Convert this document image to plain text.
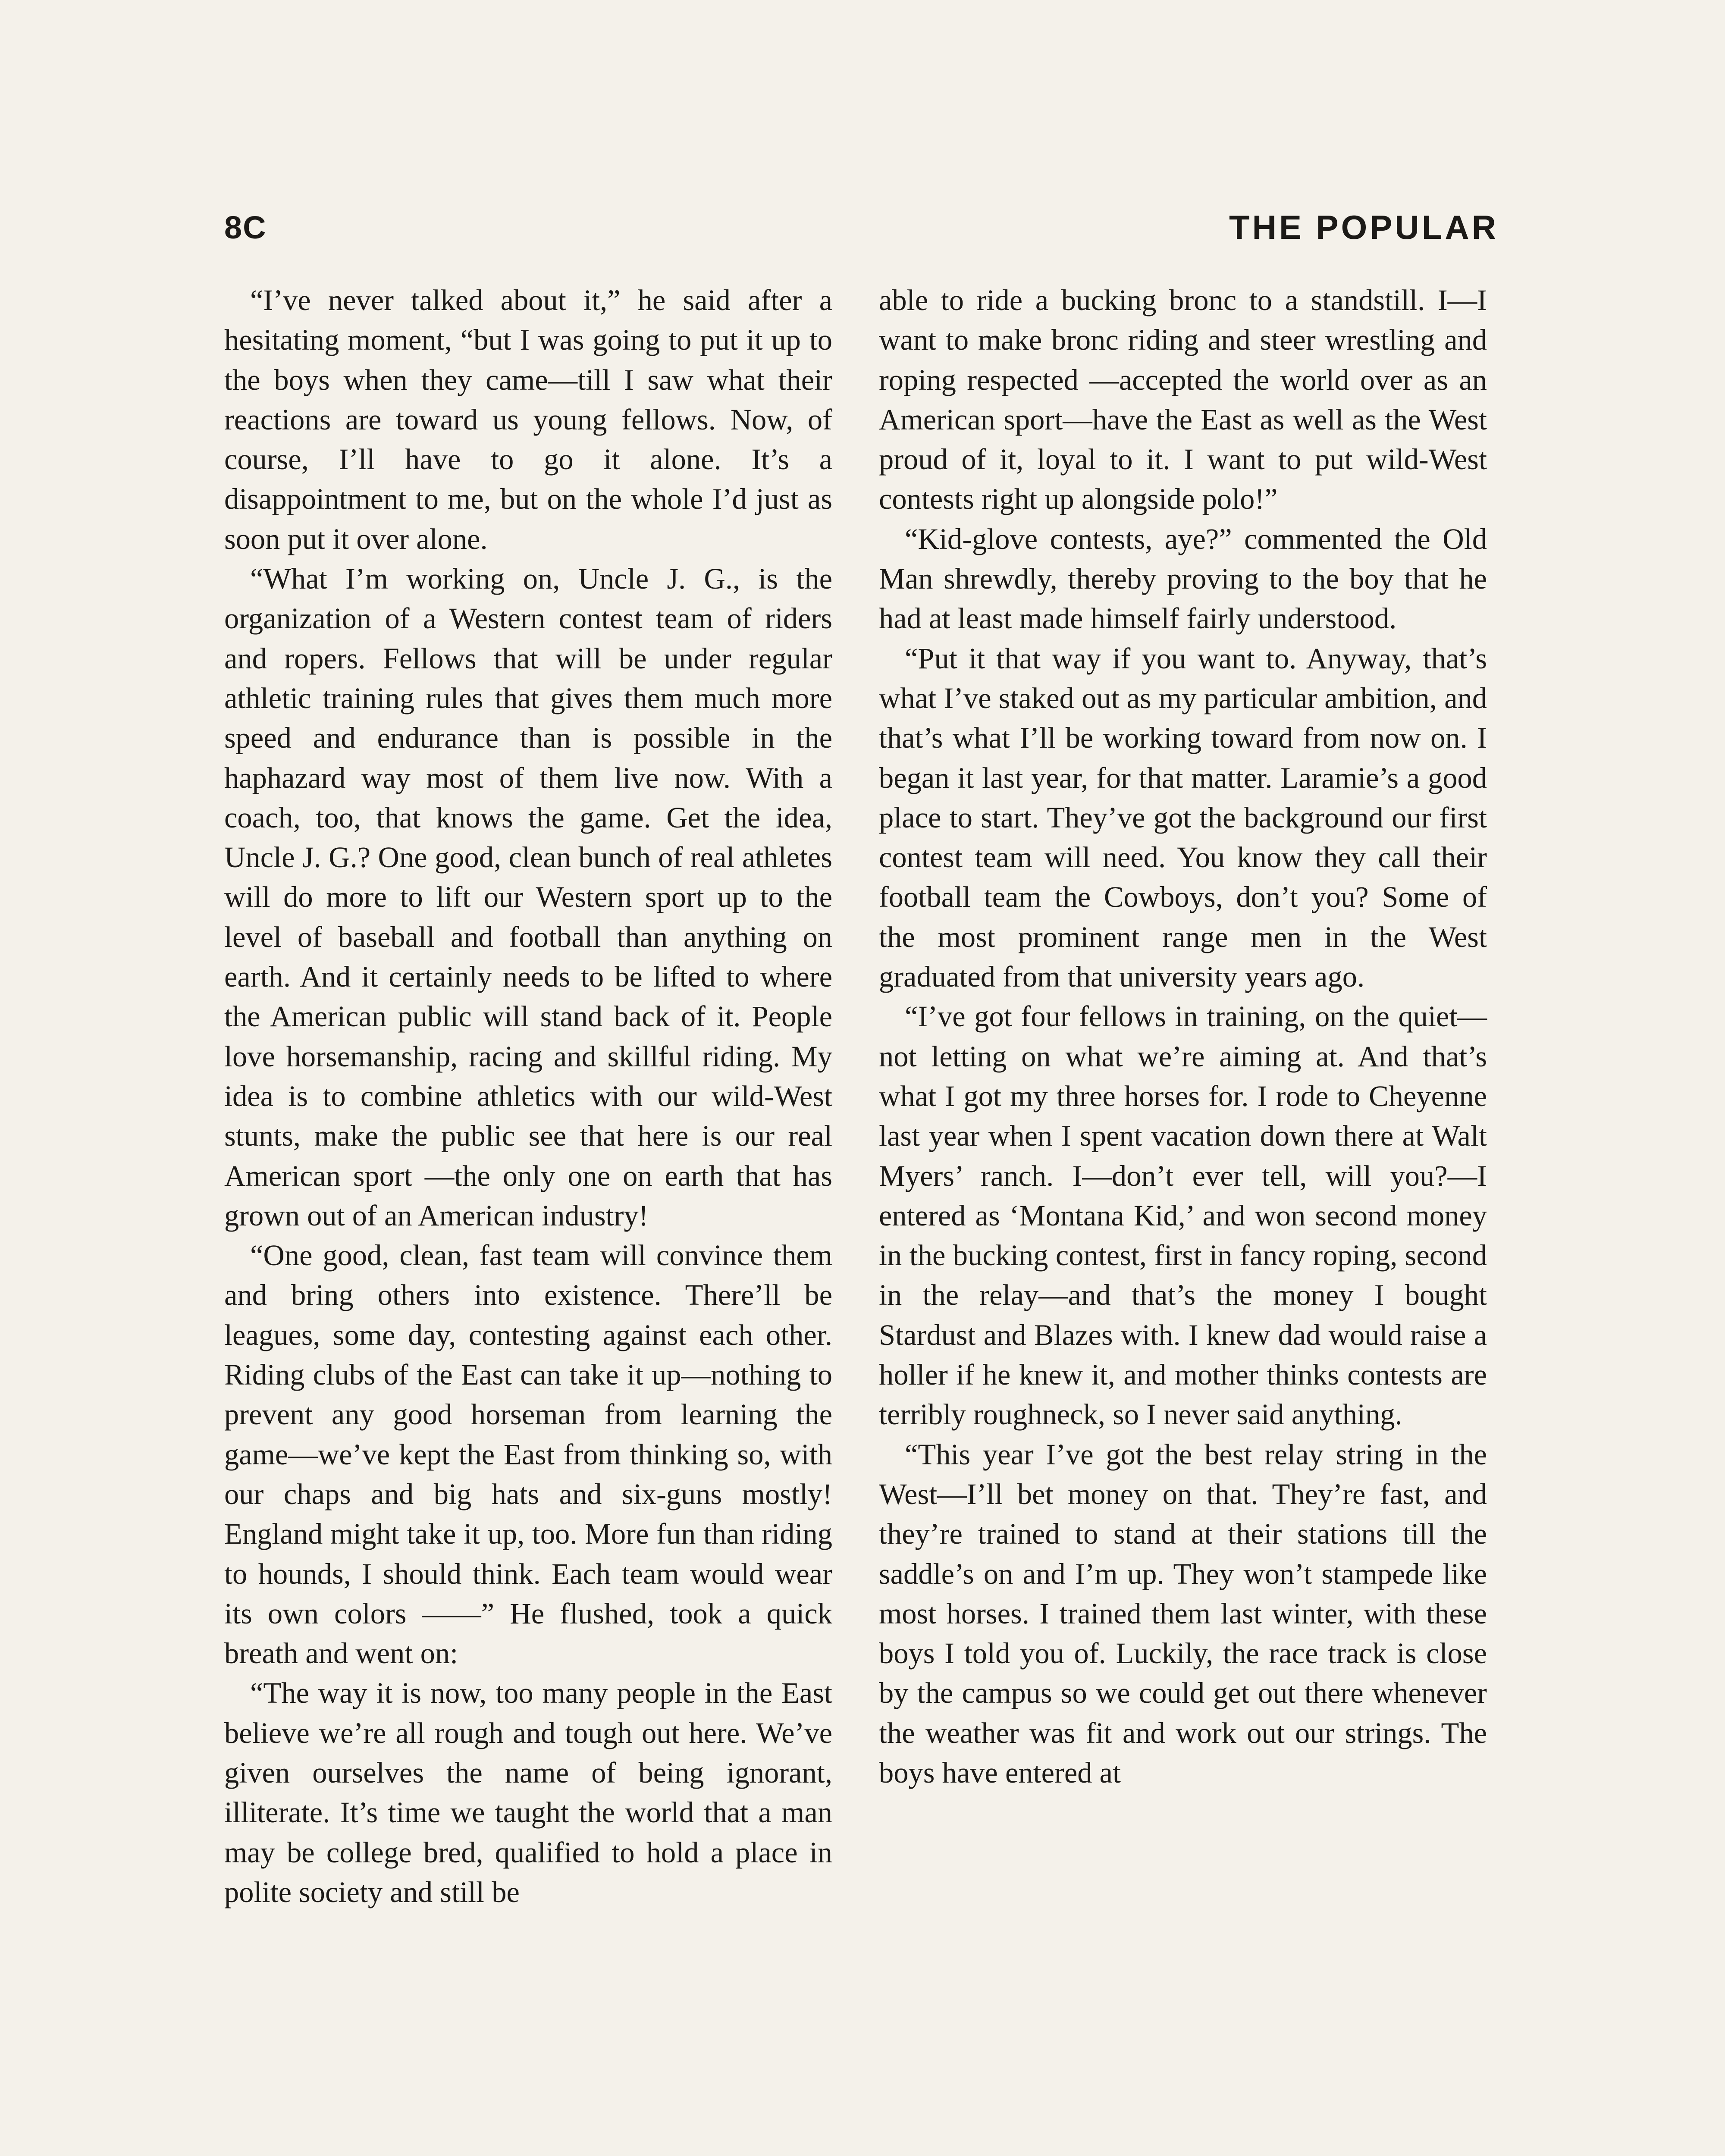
8C	THE POPULAR

“I’ve never talked about it,” he said after a hesitating moment, “but I was going to put it up to the boys when they came—till I saw what their reactions are toward us young fellows. Now, of course, I’ll have to go it alone. It’s a disappointment to me, but on the whole I’d just as soon put it over alone.

“What I’m working on, Uncle J. G., is the organization of a Western contest team of riders and ropers. Fellows that will be under regular athletic training rules that gives them much more speed and endurance than is possible in the haphazard way most of them live now. With a coach, too, that knows the game. Get the idea, Uncle J. G.? One good, clean bunch of real athletes will do more to lift our Western sport up to the level of baseball and football than anything on earth. And it certainly needs to be lifted to where the American public will stand back of it. People love horsemanship, racing and skillful riding. My idea is to combine athletics with our wild-West stunts, make the public see that here is our real American sport —the only one on earth that has grown out of an American industry!

“One good, clean, fast team will convince them and bring others into existence. There’ll be leagues, some day, contesting against each other. Riding clubs of the East can take it up—nothing to prevent any good horseman from learning the game—we’ve kept the East from thinking so, with our chaps and big hats and six-guns mostly! England might take it up, too. More fun than riding to hounds, I should think. Each team would wear its own colors ——” He flushed, took a quick breath and went on:

“The way it is now, too many people in the East believe we’re all rough and tough out here. We’ve given ourselves the name of being ignorant, illiterate. It’s time we taught the world that a man may be college bred, qualified to hold a place in polite society and still be

able to ride a bucking bronc to a standstill. I—I want to make bronc riding and steer wrestling and roping respected —accepted the world over as an American sport—have the East as well as the West proud of it, loyal to it. I want to put wild-West contests right up alongside polo!”

“Kid-glove contests, aye?” commented the Old Man shrewdly, thereby proving to the boy that he had at least made himself fairly understood.

“Put it that way if you want to. Anyway, that’s what I’ve staked out as my particular ambition, and that’s what I’ll be working toward from now on. I began it last year, for that matter. Laramie’s a good place to start. They’ve got the background our first contest team will need. You know they call their football team the Cowboys, don’t you? Some of the most prominent range men in the West graduated from that university years ago.

“I’ve got four fellows in training, on the quiet—not letting on what we’re aiming at. And that’s what I got my three horses for. I rode to Cheyenne last year when I spent vacation down there at Walt Myers’ ranch. I—don’t ever tell, will you?—I entered as ‘Montana Kid,’ and won second money in the bucking contest, first in fancy roping, second in the relay—and that’s the money I bought Stardust and Blazes with. I knew dad would raise a holler if he knew it, and mother thinks contests are terribly roughneck, so I never said anything.

“This year I’ve got the best relay string in the West—I’ll bet money on that. They’re fast, and they’re trained to stand at their stations till the saddle’s on and I’m up. They won’t stampede like most horses. I trained them last winter, with these boys I told you of. Luckily, the race track is close by the campus so we could get out there whenever the weather was fit and work out our strings. The boys have entered at
